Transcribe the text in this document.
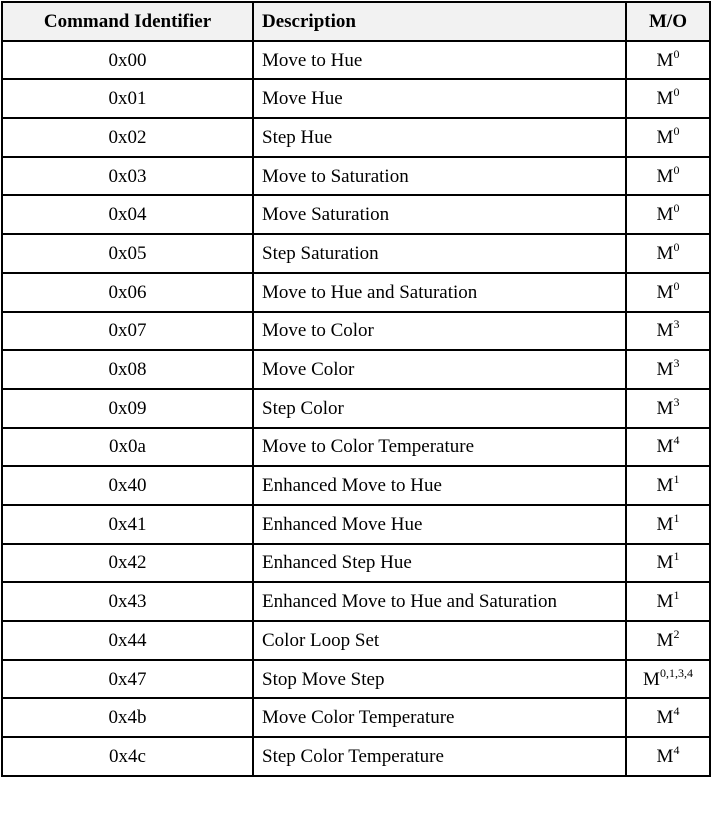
Command Identifier	Description	M/O
0x00	Move to Hue	$M^0$
0x01	Move Hue	$M^0$
0x02	Step Hue	$M^0$
0x03	Move to Saturation	$M^0$
0x04	Move Saturation	$M^0$
0x05	Step Saturation	$M^0$
0x06	Move to Hue and Saturation	$M^0$
0x07	Move to Color	$M^3$
0x08	Move Color	$M^3$
0x09	Step Color	$M^3$
0x0a	Move to Color Temperature	$M^4$
0x40	Enhanced Move to Hue	$M^1$
0x41	Enhanced Move Hue	$M^1$
0x42	Enhanced Step Hue	$M^1$
0x43	Enhanced Move to Hue and Saturation	$M^1$
0x44	Color Loop Set	$M^2$
0x47	Stop Move Step	M$^{0,1,3,4}$
0x4b	Move Color Temperature	$M^4$
0x4c	Step Color Temperature	$M^4$
